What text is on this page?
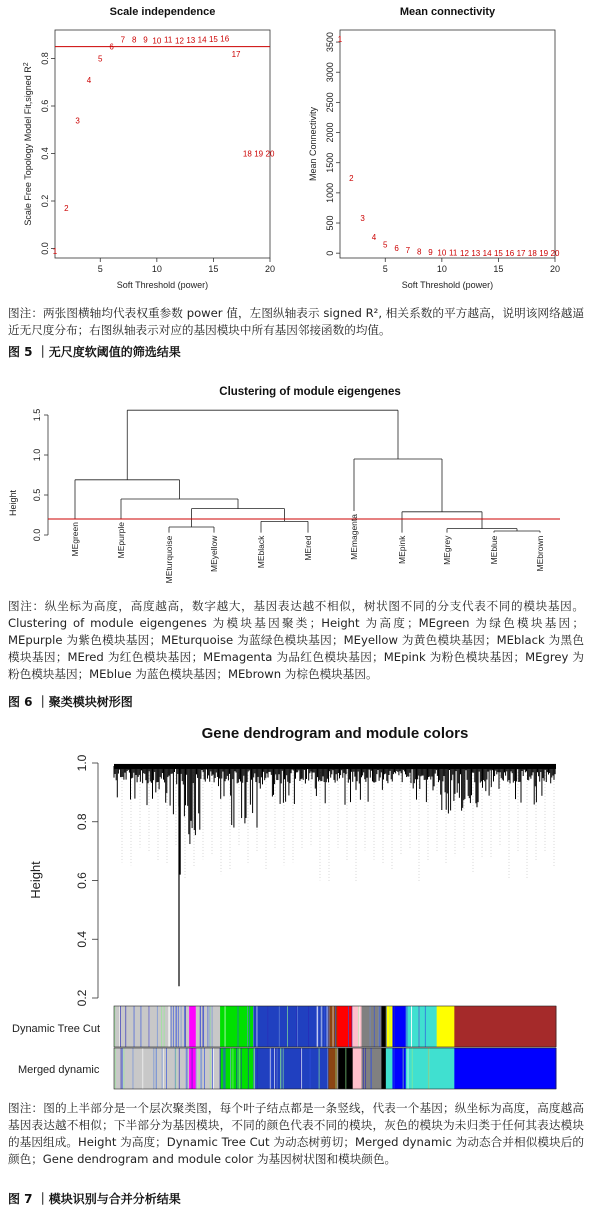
Scale independence
5	10	15	20
Soft Threshold (power)
0.0
0.2
0.4
0.6
0.8
Scale Free Topology Model Fit,signed $R^2$
1
2
3
4
5
6
7 8 9 10 11 12 13 14 15 16
17
18 19 20
Mean connectivity
5	10	15	20
Soft Threshold (power)
0
500
1000
1500
2000
2500
3000
3500
Mean Connectivity
1
2
3
4
5 6 7 8 9 10 11 12 13 14 15 16 17 18 19 20
图注：两张图横轴均代表权重参数 power 值，左图纵轴表示 signed R², 相关系数的平方越高，说明该网络越逼近无尺度分布；右图纵轴表示对应的基因模块中所有基因邻接函数的均值。
图 5 ｜无尺度软阈值的筛选结果
Clustering of module eigengenes
0.0
0.5
1.0
1.5
Height
MEgreen	MEpurple	MEturquoise	MEyellow	MEblack	MEred	MEmagenta	MEpink	MEgrey	MEblue	MEbrown
图注：纵坐标为高度，高度越高，数字越大，基因表达越不相似，树状图不同的分支代表不同的模块基因。Clustering of module eigengenes 为模块基因聚类；Height 为高度；MEgreen 为绿色模块基因；MEpurple 为紫色模块基因；MEturquoise 为蓝绿色模块基因；MEyellow 为黄色模块基因；MEblack 为黑色模块基因；MEred 为红色模块基因；MEmagenta 为品红色模块基因；MEpink 为粉色模块基因；MEgrey 为粉色模块基因；MEblue 为蓝色模块基因；MEbrown 为棕色模块基因。
图 6 ｜聚类模块树形图
Gene dendrogram and module colors
0.2
0.4
0.6
0.8
1.0
Height
Dynamic Tree Cut
Merged dynamic
图注：图的上半部分是一个层次聚类图，每个叶子结点都是一条竖线，代表一个基因；纵坐标为高度，高度越高基因表达越不相似；下半部分为基因模块，不同的颜色代表不同的模块，灰色的模块为未归类于任何其表达模块的基因组成。Height 为高度；Dynamic Tree Cut 为动态树剪切；Merged dynamic 为动态合并相似模块后的颜色；Gene dendrogram and module color 为基因树状图和模块颜色。
图 7 ｜模块识别与合并分析结果
